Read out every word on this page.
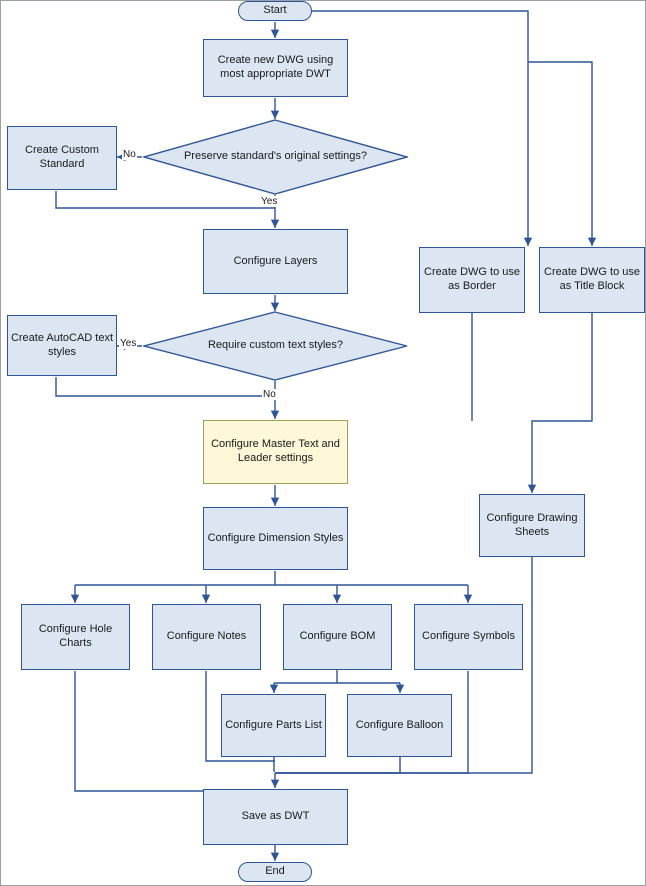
Start
End
Create new DWG using most appropriate DWT
Create Custom Standard
Configure Layers
Create AutoCAD text styles
Configure Master Text and Leader settings
Configure Dimension Styles
Configure Hole Charts
Configure Notes	Configure BOM	Configure Symbols
Configure Parts List	Configure Balloon
Save as DWT
Create DWG to use as Border
Create DWG to use as Title Block
Configure Drawing Sheets
Preserve standard's original settings?
Require custom text styles?
No
Yes
Yes
No
